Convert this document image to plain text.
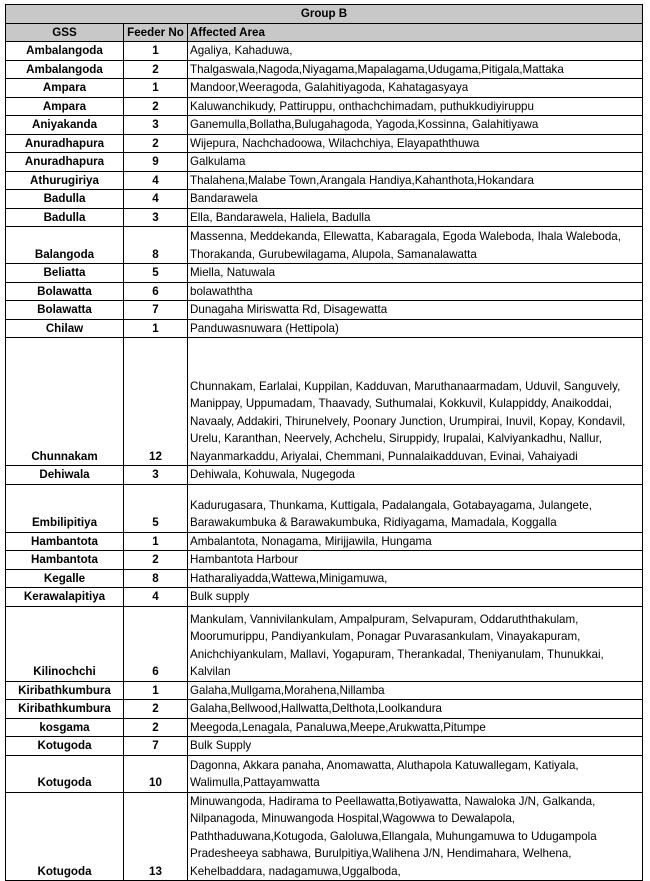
Group B		
GSS	Feeder No	Affected Area
Ambalangoda	1	Agaliya, Kahaduwa,
Ambalangoda	2	Thalgaswala,Nagoda,Niyagama,Mapalagama,Udugama,Pitigala,Mattaka
Ampara	1	Mandoor,Weeragoda, Galahitiyagoda, Kahatagasyaya
Ampara	2	Kaluwanchikudy, Pattiruppu, onthachchimadam, puthukkudiyiruppu
Aniyakanda	3	Ganemulla,Bollatha,Bulugahagoda, Yagoda,Kossinna, Galahitiyawa
Anuradhapura	2	Wijepura, Nachchadoowa, Wilachchiya, Elayapaththuwa
Anuradhapura	9	Galkulama
Athurugiriya	4	Thalahena,Malabe Town,Arangala Handiya,Kahanthota,Hokandara
Badulla	4	Bandarawela
Badulla	3	Ella, Bandarawela, Haliela, Badulla
Balangoda	8	Massenna, Meddekanda, Ellewatta, Kabaragala, Egoda Waleboda, Ihala Waleboda, Thorakanda, Gurubewilagama, Alupola, Samanalawatta
Beliatta	5	Miella, Natuwala
Bolawatta	6	bolawaththa
Bolawatta	7	Dunagaha Miriswatta Rd, Disagewatta
Chilaw	1	Panduwasnuwara (Hettipola)
Chunnakam	12	Chunnakam, Earlalai, Kuppilan, Kadduvan, Maruthanaarmadam, Uduvil, Sanguvely, Manippay, Uppumadam, Thaavady, Suthumalai, Kokkuvil, Kulappiddy, Anaikoddai, Navaaly, Addakiri, Thirunelvely, Poonary Junction, Urumpirai, Inuvil, Kopay, Kondavil, Urelu, Karanthan, Neervely, Achchelu, Siruppidy, Irupalai, Kalviyankadhu, Nallur, Nayanmarkaddu, Ariyalai, Chemmani, Punnalaikadduvan, Evinai, Vahaiyadi
Dehiwala	3	Dehiwala, Kohuwala, Nugegoda
Embilipitiya	5	Kadurugasara, Thunkama, Kuttigala, Padalangala, Gotabayagama, Julangete, Barawakumbuka & Barawakumbuka, Ridiyagama, Mamadala, Koggalla
Hambantota	1	Ambalantota, Nonagama, Mirijjawila, Hungama
Hambantota	2	Hambantota Harbour
Kegalle	8	Hatharaliyadda,Wattewa,Minigamuwa,
Kerawalapitiya	4	Bulk supply
Kilinochchi	6	Mankulam, Vannivilankulam, Ampalpuram, Selvapuram, Oddaruththakulam, Moorumurippu, Pandiyankulam, Ponagar Puvarasankulam, Vinayakapuram, Anichchiyankulam, Mallavi, Yogapuram, Therankadal, Theniyanulam, Thunukkai, Kalvilan
Kiribathkumbura	1	Galaha,Mullgama,Morahena,Nillamba
Kiribathkumbura	2	Galaha,Bellwood,Hallwatta,Delthota,Loolkandura
kosgama	2	Meegoda,Lenagala, Panaluwa,Meepe,Arukwatta,Pitumpe
Kotugoda	7	Bulk Supply
Kotugoda	10	Dagonna, Akkara panaha, Anomawatta, Aluthapola Katuwallegam, Katiyala, Walimulla,Pattayamwatta
Kotugoda	13	Minuwangoda, Hadirama to Peellawatta,Botiyawatta, Nawaloka J/N, Galkanda, Nilpanagoda, Minuwangoda Hospital,Wagowwa to Dewalapola, Paththaduwana,Kotugoda, Galoluwa,Ellangala, Muhungamuwa to Udugampola Pradesheeya sabhawa, Burulpitiya,Walihena J/N, Hendimahara, Welhena, Kehelbaddara, nadagamuwa,Uggalboda,
